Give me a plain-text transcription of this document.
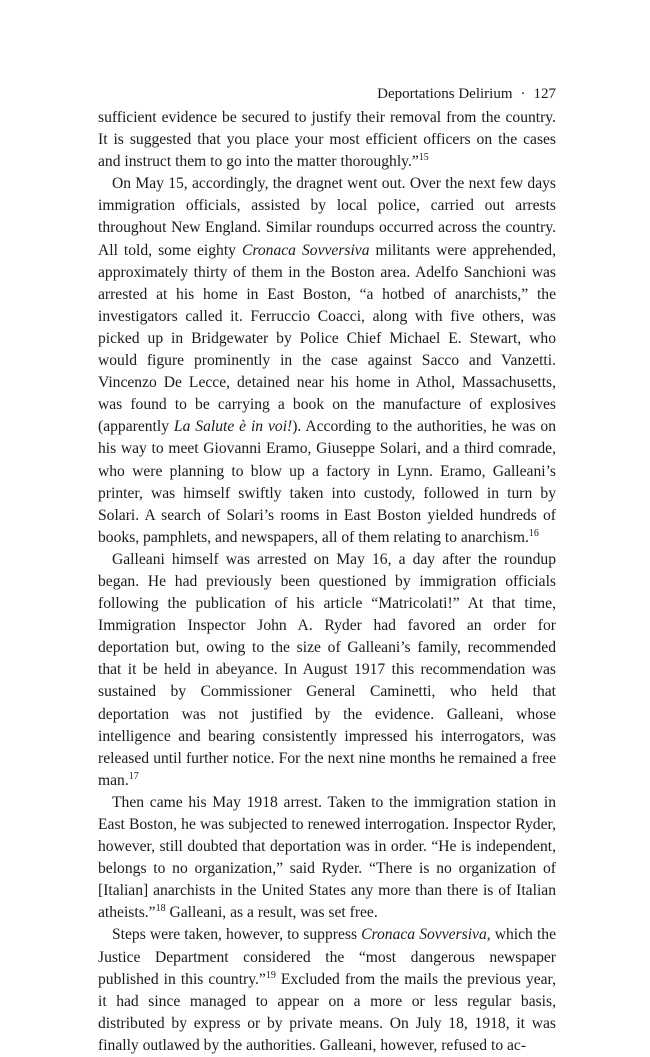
Deportations Delirium · 127

sufficient evidence be secured to justify their removal from the country. It is suggested that you place your most efficient officers on the cases and instruct them to go into the matter thoroughly.”$^{15}$

On May 15, accordingly, the dragnet went out. Over the next few days immigration officials, assisted by local police, carried out arrests throughout New England. Similar roundups occurred across the country. All told, some eighty Cronaca Sovversiva militants were apprehended, approximately thirty of them in the Boston area. Adelfo Sanchioni was arrested at his home in East Boston, “a hotbed of anarchists,” the investigators called it. Ferruccio Coacci, along with five others, was picked up in Bridgewater by Police Chief Michael E. Stewart, who would figure prominently in the case against Sacco and Vanzetti. Vincenzo De Lecce, detained near his home in Athol, Massachusetts, was found to be carrying a book on the manufacture of explosives (apparently La Salute è in voi!). According to the authorities, he was on his way to meet Giovanni Eramo, Giuseppe Solari, and a third comrade, who were planning to blow up a factory in Lynn. Eramo, Galleani’s printer, was himself swiftly taken into custody, followed in turn by Solari. A search of Solari’s rooms in East Boston yielded hundreds of books, pamphlets, and newspapers, all of them relating to anarchism.$^{16}$

Galleani himself was arrested on May 16, a day after the roundup began. He had previously been questioned by immigration officials following the publication of his article “Matricolati!” At that time, Immigration Inspector John A. Ryder had favored an order for deportation but, owing to the size of Galleani’s family, recommended that it be held in abeyance. In August 1917 this recommendation was sustained by Commissioner General Caminetti, who held that deportation was not justified by the evidence. Galleani, whose intelligence and bearing consistently impressed his interrogators, was released until further notice. For the next nine months he remained a free man.$^{17}$

Then came his May 1918 arrest. Taken to the immigration station in East Boston, he was subjected to renewed interrogation. Inspector Ryder, however, still doubted that deportation was in order. “He is independent, belongs to no organization,” said Ryder. “There is no organization of [Italian] anarchists in the United States any more than there is of Italian atheists.”$^{18}$ Galleani, as a result, was set free.

Steps were taken, however, to suppress Cronaca Sovversiva, which the Justice Department considered the “most dangerous newspaper published in this country.”$^{19}$ Excluded from the mails the previous year, it had since managed to appear on a more or less regular basis, distributed by express or by private means. On July 18, 1918, it was finally outlawed by the authorities. Galleani, however, refused to ac-
